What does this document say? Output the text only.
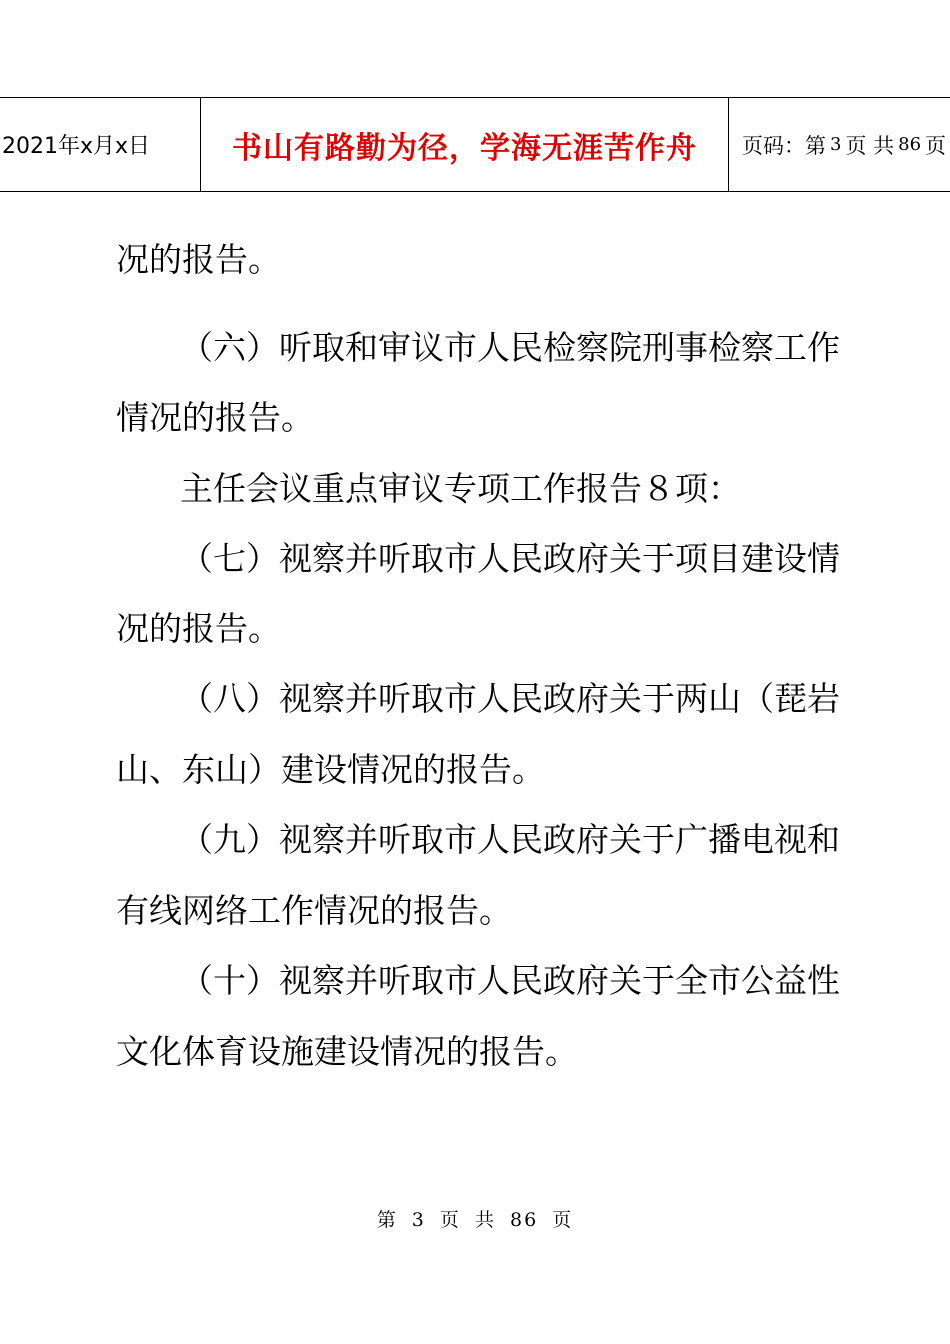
2021年x月x日	书山有路勤为径，学海无涯苦作舟	页码：第 3 页 共 86 页
况的报告。
（六）听取和审议市人民检察院刑事检察工作
情况的报告。
主任会议重点审议专项工作报告８项：
（七）视察并听取市人民政府关于项目建设情
况的报告。
（八）视察并听取市人民政府关于两山（琵岩
山、东山）建设情况的报告。
（九）视察并听取市人民政府关于广播电视和
有线网络工作情况的报告。
（十）视察并听取市人民政府关于全市公益性
文化体育设施建设情况的报告。
第 3 页 共 86 页
